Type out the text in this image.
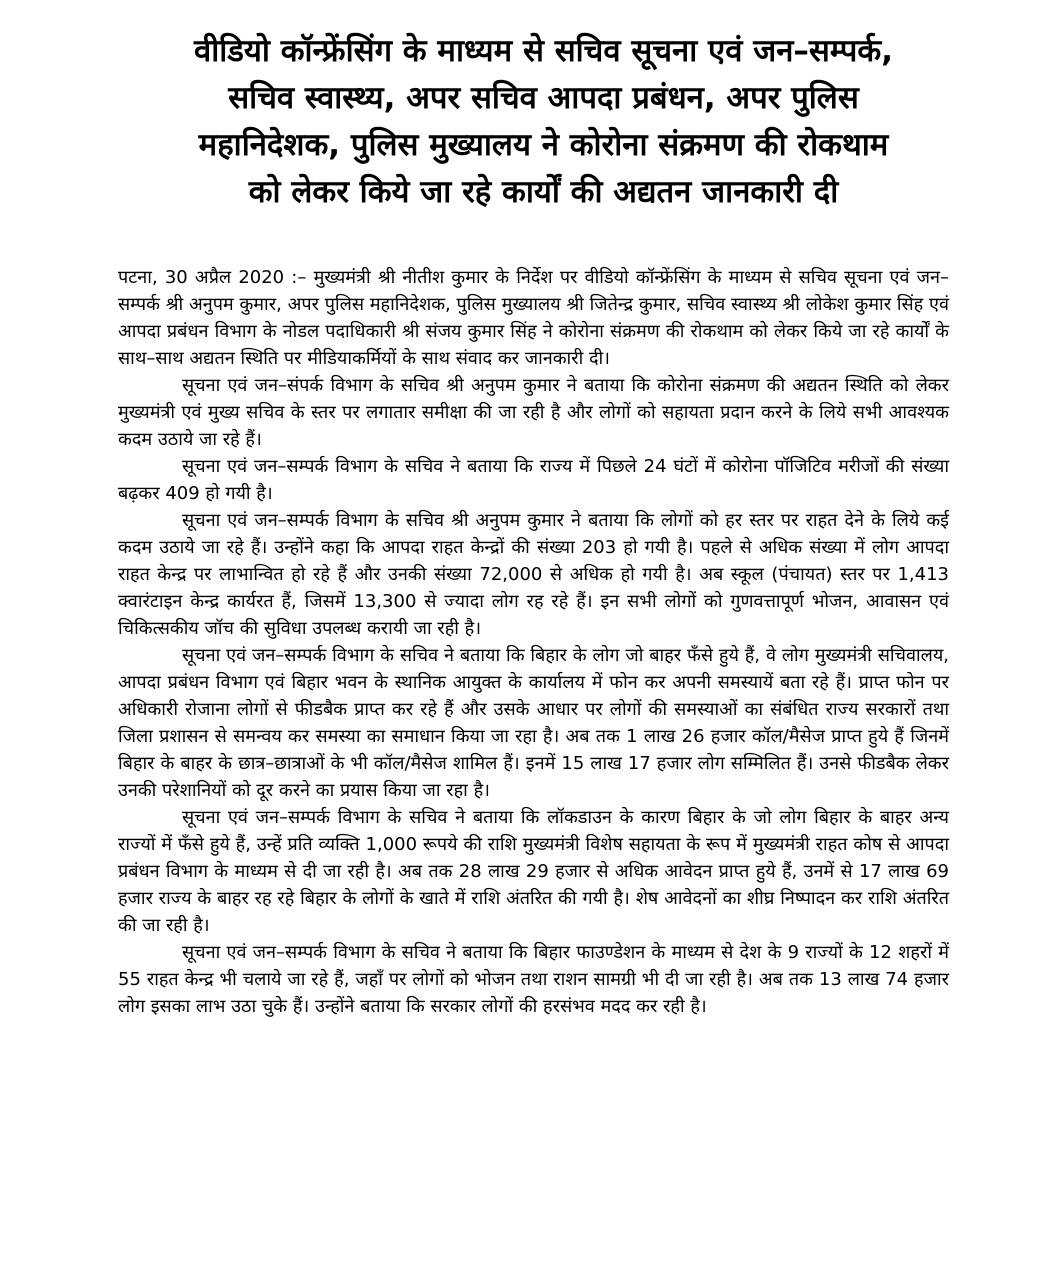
वीडियो कॉन्फ्रेंसिंग के माध्यम से सचिव सूचना एवं जन–सम्पर्क,
सचिव स्वास्थ्य, अपर सचिव आपदा प्रबंधन, अपर पुलिस
महानिदेशक, पुलिस मुख्यालय ने कोरोना संक्रमण की रोकथाम
को लेकर किये जा रहे कार्यों की अद्यतन जानकारी दी

पटना, 30 अप्रैल 2020 :– मुख्यमंत्री श्री नीतीश कुमार के निर्देश पर वीडियो कॉन्फ्रेंसिंग के माध्यम से सचिव सूचना एवं जन–सम्पर्क श्री अनुपम कुमार, अपर पुलिस महानिदेशक, पुलिस मुख्यालय श्री जितेन्द्र कुमार, सचिव स्वास्थ्य श्री लोकेश कुमार सिंह एवं आपदा प्रबंधन विभाग के नोडल पदाधिकारी श्री संजय कुमार सिंह ने कोरोना संक्रमण की रोकथाम को लेकर किये जा रहे कार्यों के साथ–साथ अद्यतन स्थिति पर मीडियाकर्मियों के साथ संवाद कर जानकारी दी।

सूचना एवं जन–संपर्क विभाग के सचिव श्री अनुपम कुमार ने बताया कि कोरोना संक्रमण की अद्यतन स्थिति को लेकर मुख्यमंत्री एवं मुख्य सचिव के स्तर पर लगातार समीक्षा की जा रही है और लोगों को सहायता प्रदान करने के लिये सभी आवश्यक कदम उठाये जा रहे हैं।

सूचना एवं जन–सम्पर्क विभाग के सचिव ने बताया कि राज्य में पिछले 24 घंटों में कोरोना पॉजिटिव मरीजों की संख्या बढ़कर 409 हो गयी है।

सूचना एवं जन–सम्पर्क विभाग के सचिव श्री अनुपम कुमार ने बताया कि लोगों को हर स्तर पर राहत देने के लिये कई कदम उठाये जा रहे हैं। उन्होंने कहा कि आपदा राहत केन्द्रों की संख्या 203 हो गयी है। पहले से अधिक संख्या में लोग आपदा राहत केन्द्र पर लाभान्वित हो रहे हैं और उनकी संख्या 72,000 से अधिक हो गयी है। अब स्कूल (पंचायत) स्तर पर 1,413 क्वारंटाइन केन्द्र कार्यरत हैं, जिसमें 13,300 से ज्यादा लोग रह रहे हैं। इन सभी लोगों को गुणवत्तापूर्ण भोजन, आवासन एवं चिकित्सकीय जॉच की सुविधा उपलब्ध करायी जा रही है।

सूचना एवं जन–सम्पर्क विभाग के सचिव ने बताया कि बिहार के लोग जो बाहर फँसे हुये हैं, वे लोग मुख्यमंत्री सचिवालय, आपदा प्रबंधन विभाग एवं बिहार भवन के स्थानिक आयुक्त के कार्यालय में फोन कर अपनी समस्यायें बता रहे हैं। प्राप्त फोन पर अधिकारी रोजाना लोगों से फीडबैक प्राप्त कर रहे हैं और उसके आधार पर लोगों की समस्याओं का संबंधित राज्य सरकारों तथा जिला प्रशासन से समन्वय कर समस्या का समाधान किया जा रहा है। अब तक 1 लाख 26 हजार कॉल/मैसेज प्राप्त हुये हैं जिनमें बिहार के बाहर के छात्र–छात्राओं के भी कॉल/मैसेज शामिल हैं। इनमें 15 लाख 17 हजार लोग सम्मिलित हैं। उनसे फीडबैक लेकर उनकी परेशानियों को दूर करने का प्रयास किया जा रहा है।

सूचना एवं जन–सम्पर्क विभाग के सचिव ने बताया कि लॉकडाउन के कारण बिहार के जो लोग बिहार के बाहर अन्य राज्यों में फँसे हुये हैं, उन्हें प्रति व्यक्ति 1,000 रूपये की राशि मुख्यमंत्री विशेष सहायता के रूप में मुख्यमंत्री राहत कोष से आपदा प्रबंधन विभाग के माध्यम से दी जा रही है। अब तक 28 लाख 29 हजार से अधिक आवेदन प्राप्त हुये हैं, उनमें से 17 लाख 69 हजार राज्य के बाहर रह रहे बिहार के लोगों के खाते में राशि अंतरित की गयी है। शेष आवेदनों का शीघ्र निष्पादन कर राशि अंतरित की जा रही है।

सूचना एवं जन–सम्पर्क विभाग के सचिव ने बताया कि बिहार फाउण्डेशन के माध्यम से देश के 9 राज्यों के 12 शहरों में 55 राहत केन्द्र भी चलाये जा रहे हैं, जहाँ पर लोगों को भोजन तथा राशन सामग्री भी दी जा रही है। अब तक 13 लाख 74 हजार लोग इसका लाभ उठा चुके हैं। उन्होंने बताया कि सरकार लोगों की हरसंभव मदद कर रही है।
